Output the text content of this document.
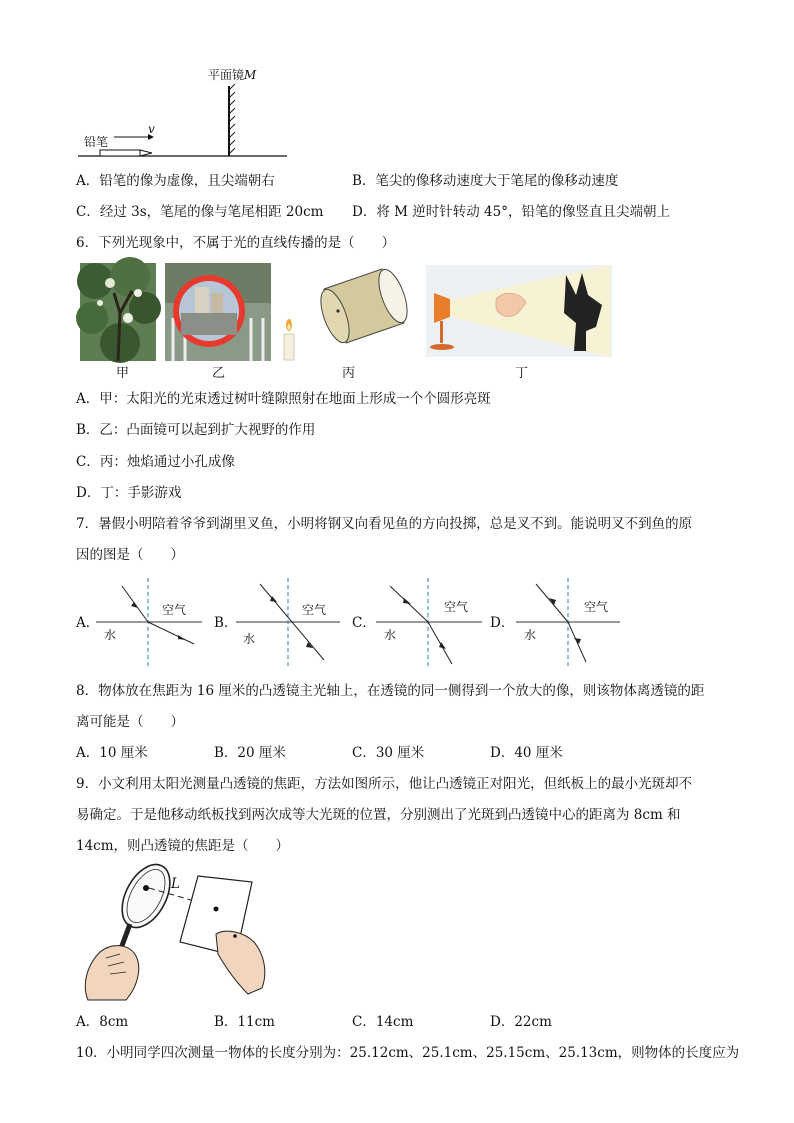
平面镜M
铅笔
v
A．铅笔的像为虚像，且尖端朝右	B．笔尖的像移动速度大于笔尾的像移动速度
C．经过 3s，笔尾的像与笔尾相距 20cm D．将 M 逆时针转动 45°，铅笔的像竖直且尖端朝上
6．下列光现象中，不属于光的直线传播的是（　　）
甲	乙	丙	丁
A．甲：太阳光的光束透过树叶缝隙照射在地面上形成一个个圆形亮斑
B．乙：凸面镜可以起到扩大视野的作用
C．丙：烛焰通过小孔成像
D．丁：手影游戏
7．暑假小明陪着爷爷到湖里叉鱼，小明将钢叉向看见鱼的方向投掷，总是叉不到。能说明叉不到鱼的原
因的图是（　　）
A．
空气
水
B．
空气
水
C．
空气
水
D．
空气
水
8．物体放在焦距为 16 厘米的凸透镜主光轴上，在透镜的同一侧得到一个放大的像，则该物体离透镜的距
离可能是（　　）
A．10 厘米	B．20 厘米	C．30 厘米	D．40 厘米
9．小文利用太阳光测量凸透镜的焦距，方法如图所示，他让凸透镜正对阳光，但纸板上的最小光斑却不
易确定。于是他移动纸板找到两次成等大光斑的位置，分别测出了光斑到凸透镜中心的距离为 8cm 和
14cm，则凸透镜的焦距是（　　）
L
A．8cm	B．11cm	C．14cm	D．22cm
10．小明同学四次测量一物体的长度分别为：25.12cm、25.1cm、25.15cm、25.13cm，则物体的长度应为
